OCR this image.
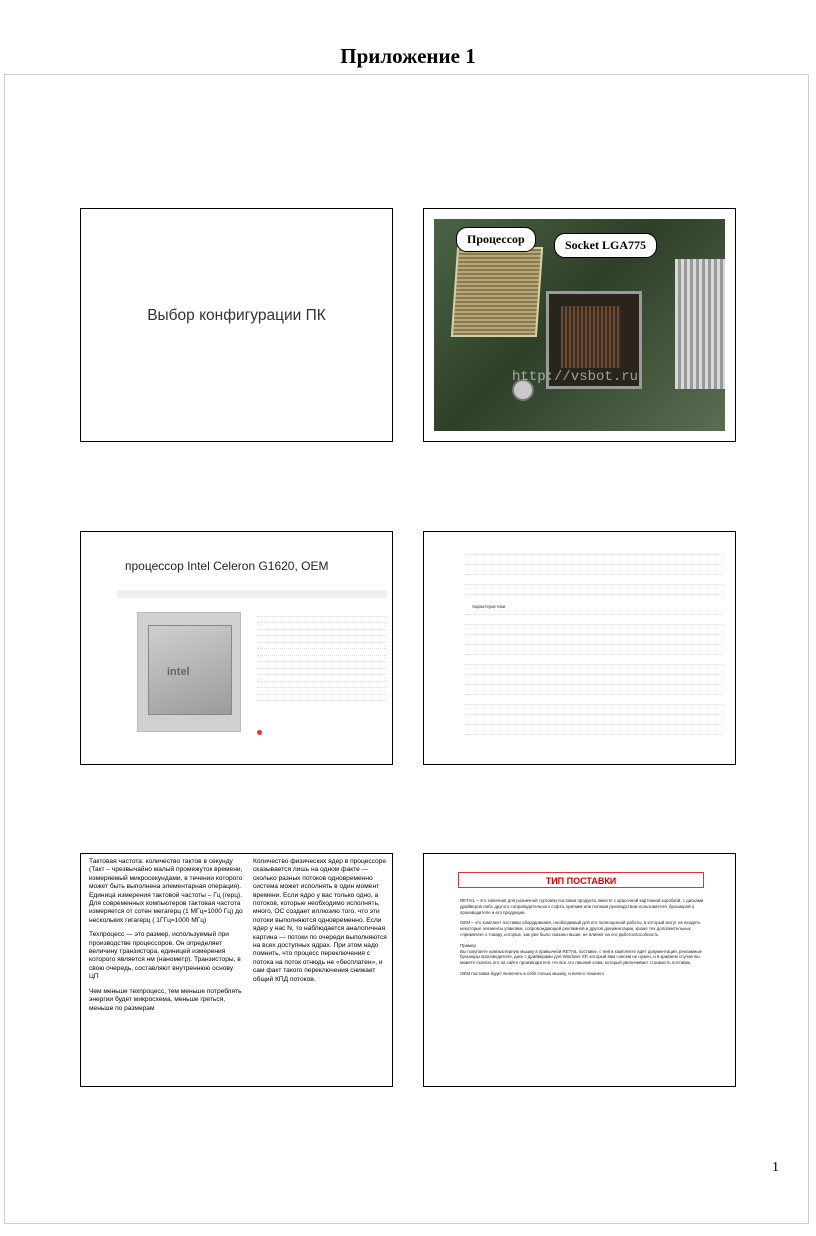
Приложение 1
Выбор конфигурации ПК
http://vsbot.ru
Процессор	Socket LGA775
процессор Intel Celeron G1620, OEM
intel
Характеристики

Тактовая частота: количество тактов в секунду (Такт – чрезвычайно малый промежуток времени, измеряемый микросекундами, в течении которого может быть выполнена элементарная операция). Единица измерения тактовой частоты – Гц (герц). Для современных компьютеров тактовая частота измеряется от сотен мегагерц (1 МГц=1000 Гц) до нескольких гигагерц ( 1ГГц=1000 МГц)

Техпроцесс — это размер, используемый при производстве процессоров. Он определяет величину транзистора, единицей измерения которого является нм (нанометр). Транзисторы, в свою очередь, составляют внутреннюю основу ЦП

Чем меньше техпроцесс, тем меньше потреблять энергии будет микросхема, меньше греться, меньше по размерам

Количество физических ядер в процессоре сказывается лишь на одном факте — сколько разных потоков одновременно система может исполнять в один момент времени. Если ядро у вас только одно, а потоков, которые необходимо исполнять, много, ОС создает иллюзию того, что эти потоки выполняются одновременно. Если ядер у нас N, то наблюдается аналогичная картина — потоки по очереди выполняются на всех доступных ядрах. При этом надо помнить, что процесс переключения с потока на поток отнюдь не «бесплатен», и сам факт такого переключения снижает общий КПД потоков.

ТИП ПОСТАВКИ

RETAIL – это типичная для розничной торговли поставка продукта, вместе с красочной картонной коробкой, с дисками драйверов либо другого сопроводительного софта, кратким или полным руководством пользователя, брошюрой о производителе и его продукции

OEM – это комплект поставки оборудования, необходимый для его полноценной работы, в который могут не входить некоторые элементы упаковки, сопровождающей рекламной и другой документации, кроме тех дополнительных «примочек» к товару, которые, как уже было сказано выше, не влияют на его работоспособность

Пример
Вы покупаете компьютерную мышку в привычной RETAIL поставке, с ней в комплекте идёт документация, рекламные брошюры производителя, диск с драйверами для Windows XP, который вам совсем не нужен, и в крайнем случае вы можете скачать его на сайте производителя. Но все это лишний хлам, который увеличивает стоимость поставки.

OEM поставка будет включать в себя только мышку, и ничего лишнего

1
